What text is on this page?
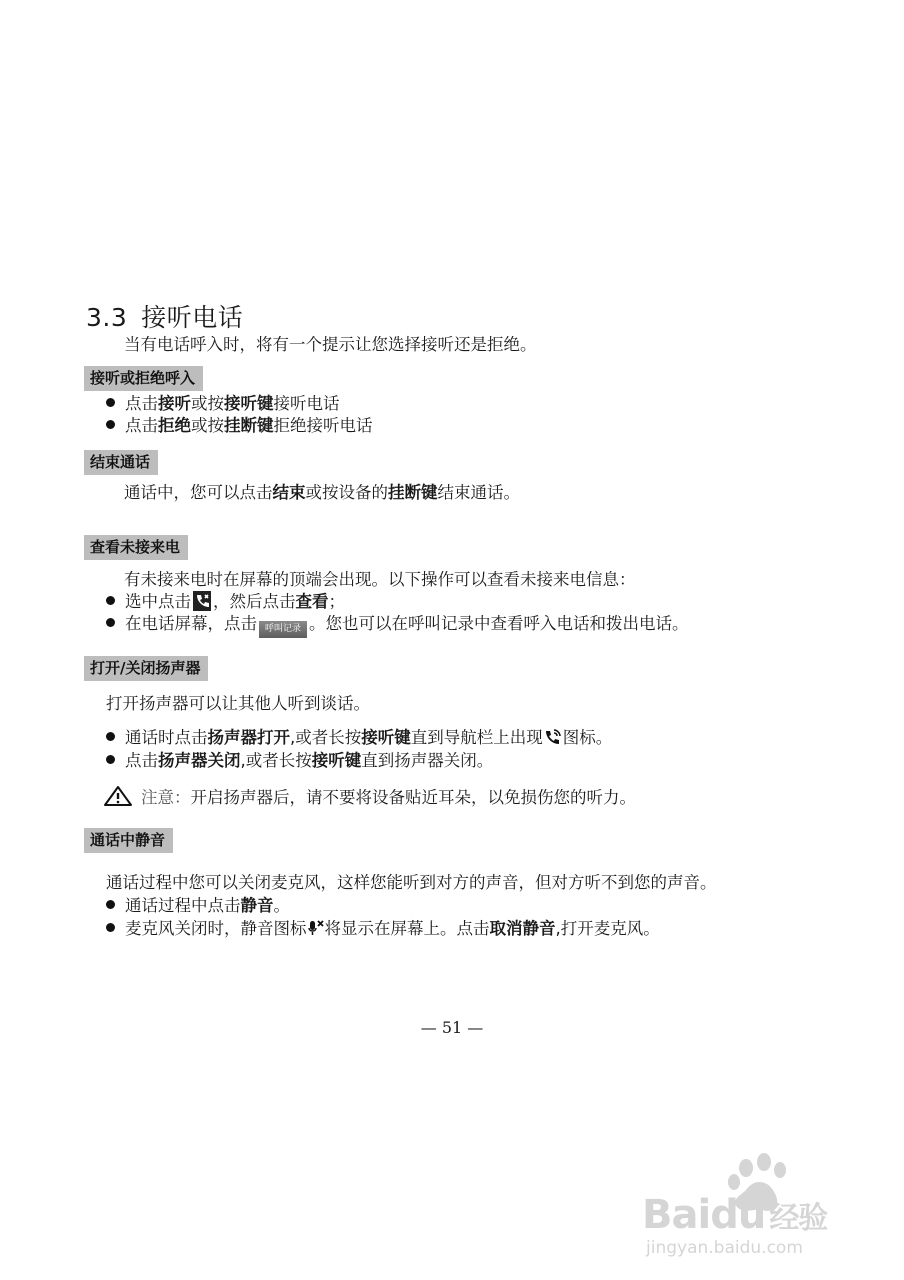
3.3 接听电话
当有电话呼入时，将有一个提示让您选择接听还是拒绝。
接听或拒绝呼入
点击接听或按接听键接听电话
点击拒绝或按挂断键拒绝接听电话
结束通话
通话中，您可以点击结束或按设备的挂断键结束通话。
查看未接来电
有未接来电时在屏幕的顶端会出现。以下操作可以查看未接来电信息：
选中点击 ，然后点击查看；
在电话屏幕，点击 呼叫记录 。您也可以在呼叫记录中查看呼入电话和拨出电话。
打开/关闭扬声器
打开扬声器可以让其他人听到谈话。
通话时点击扬声器打开,或者长按接听键直到导航栏上出现 图标。
点击扬声器关闭,或者长按接听键直到扬声器关闭。
注意：开启扬声器后，请不要将设备贴近耳朵，以免损伤您的听力。
通话中静音
通话过程中您可以关闭麦克风，这样您能听到对方的声音，但对方听不到您的声音。
通话过程中点击静音。
麦克风关闭时，静音图标 将显示在屏幕上。点击取消静音,打开麦克风。
— 51 —
Baidu 经验
jingyan.baidu.com
